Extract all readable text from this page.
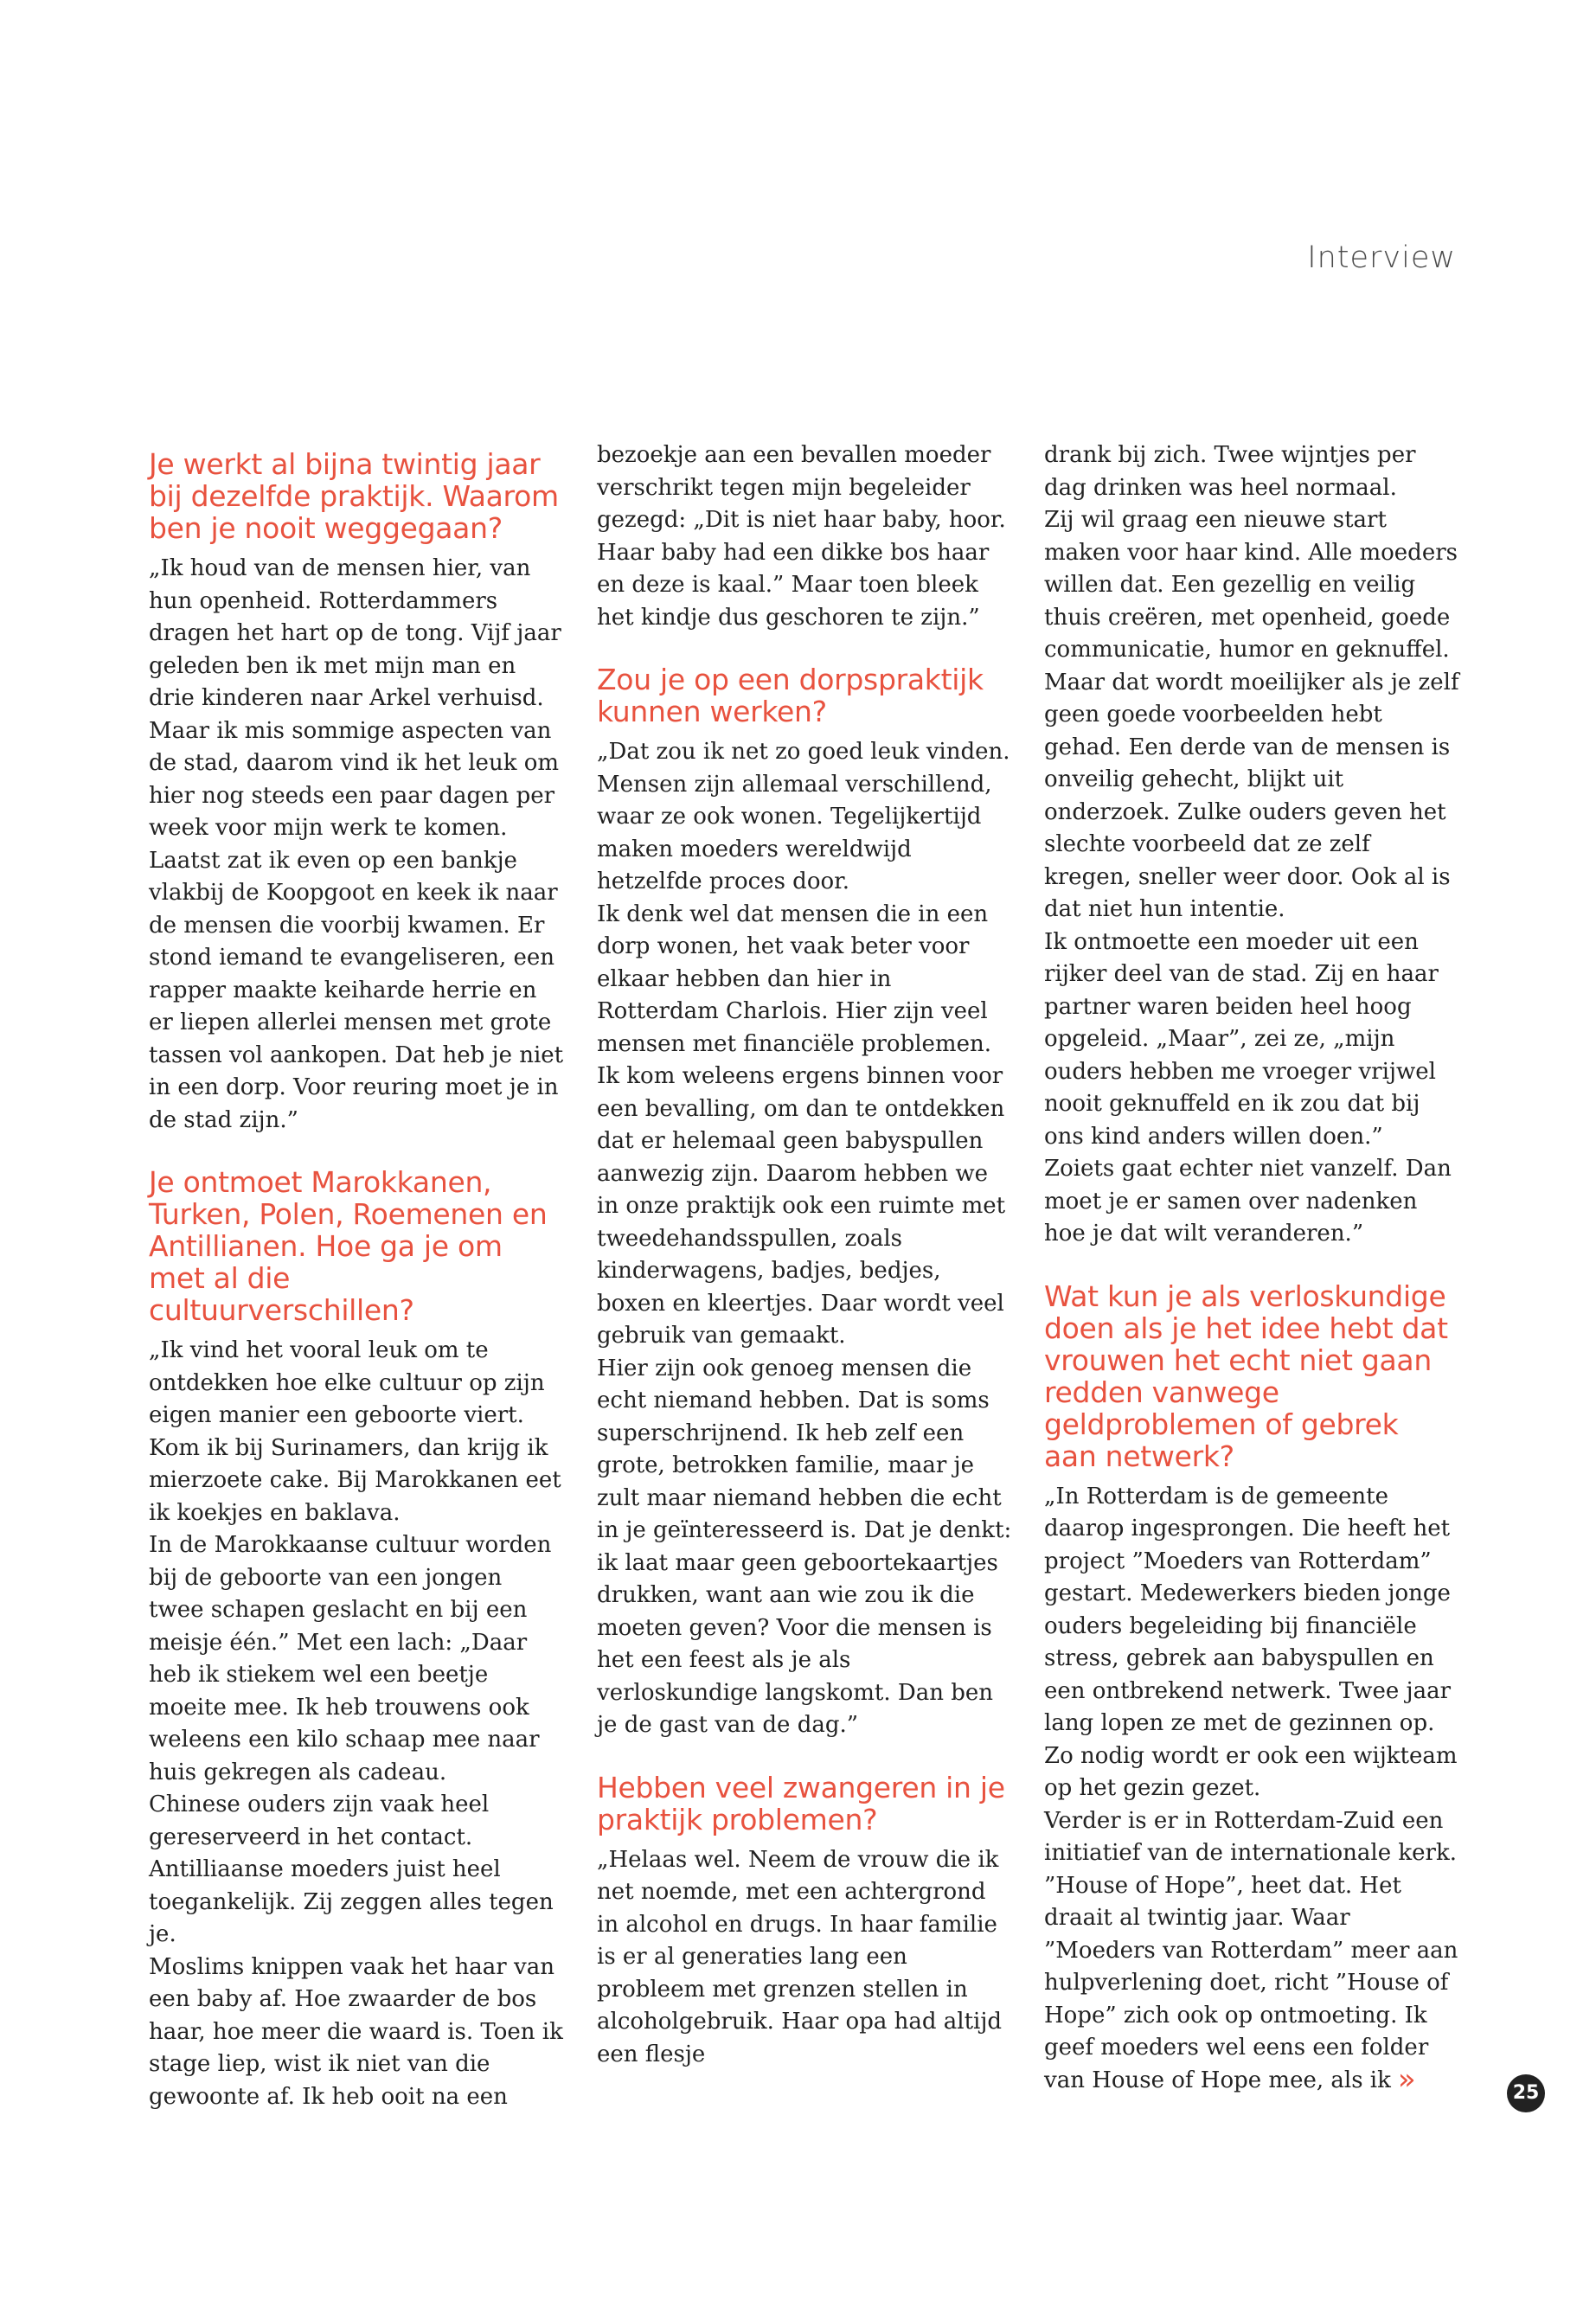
Interview
Je werkt al bijna twintig jaar bij dezelfde praktijk. Waarom ben je nooit weggegaan?

„Ik houd van de mensen hier, van hun openheid. Rotterdammers dragen het hart op de tong. Vijf jaar geleden ben ik met mijn man en drie kinderen naar Arkel verhuisd. Maar ik mis sommige aspecten van de stad, daarom vind ik het leuk om hier nog steeds een paar dagen per week voor mijn werk te komen. Laatst zat ik even op een bankje vlakbij de Koopgoot en keek ik naar de mensen die voorbij kwamen. Er stond iemand te evangeliseren, een rapper maakte keiharde herrie en er liepen allerlei mensen met grote tassen vol aankopen. Dat heb je niet in een dorp. Voor reuring moet je in de stad zijn.”

Je ontmoet Marokkanen, Turken, Polen, Roemenen en Antillianen. Hoe ga je om met al die cultuurverschillen?

„Ik vind het vooral leuk om te ontdekken hoe elke cultuur op zijn eigen manier een geboorte viert. Kom ik bij Surinamers, dan krijg ik mierzoete cake. Bij Marokkanen eet ik koekjes en baklava.
In de Marokkaanse cultuur worden bij de geboorte van een jongen twee schapen geslacht en bij een meisje één.” Met een lach: „Daar heb ik stiekem wel een beetje moeite mee. Ik heb trouwens ook weleens een kilo schaap mee naar huis gekregen als cadeau.
Chinese ouders zijn vaak heel gereserveerd in het contact. Antilliaanse moeders juist heel toegankelijk. Zij zeggen alles tegen je.
Moslims knippen vaak het haar van een baby af. Hoe zwaarder de bos haar, hoe meer die waard is. Toen ik stage liep, wist ik niet van die gewoonte af. Ik heb ooit na een

bezoekje aan een bevallen moeder verschrikt tegen mijn begeleider gezegd: „Dit is niet haar baby, hoor. Haar baby had een dikke bos haar en deze is kaal.” Maar toen bleek het kindje dus geschoren te zijn.”

Zou je op een dorpspraktijk kunnen werken?

„Dat zou ik net zo goed leuk vinden. Mensen zijn allemaal verschillend, waar ze ook wonen. Tegelijkertijd maken moeders wereldwijd hetzelfde proces door.
Ik denk wel dat mensen die in een dorp wonen, het vaak beter voor elkaar hebben dan hier in Rotterdam Charlois. Hier zijn veel mensen met financiële problemen. Ik kom weleens ergens binnen voor een bevalling, om dan te ontdekken dat er helemaal geen babyspullen aanwezig zijn. Daarom hebben we in onze praktijk ook een ruimte met tweedehandsspullen, zoals kinderwagens, badjes, bedjes, boxen en kleertjes. Daar wordt veel gebruik van gemaakt.
Hier zijn ook genoeg mensen die echt niemand hebben. Dat is soms superschrijnend. Ik heb zelf een grote, betrokken familie, maar je zult maar niemand hebben die echt in je geïnteresseerd is. Dat je denkt: ik laat maar geen geboortekaartjes drukken, want aan wie zou ik die moeten geven? Voor die mensen is het een feest als je als verloskundige langskomt. Dan ben je de gast van de dag.”

Hebben veel zwangeren in je praktijk problemen?

„Helaas wel. Neem de vrouw die ik net noemde, met een achtergrond in alcohol en drugs. In haar familie is er al generaties lang een probleem met grenzen stellen in alcoholgebruik. Haar opa had altijd een flesje

drank bij zich. Twee wijntjes per dag drinken was heel normaal.
Zij wil graag een nieuwe start maken voor haar kind. Alle moeders willen dat. Een gezellig en veilig thuis creëren, met openheid, goede communicatie, humor en geknuffel. Maar dat wordt moeilijker als je zelf geen goede voorbeelden hebt gehad. Een derde van de mensen is onveilig gehecht, blijkt uit onderzoek. Zulke ouders geven het slechte voorbeeld dat ze zelf kregen, sneller weer door. Ook al is dat niet hun intentie.
Ik ontmoette een moeder uit een rijker deel van de stad. Zij en haar partner waren beiden heel hoog opgeleid. „Maar”, zei ze, „mijn ouders hebben me vroeger vrijwel nooit geknuffeld en ik zou dat bij ons kind anders willen doen.” Zoiets gaat echter niet vanzelf. Dan moet je er samen over nadenken hoe je dat wilt veranderen.”

Wat kun je als verloskundige doen als je het idee hebt dat vrouwen het echt niet gaan redden vanwege geldproblemen of gebrek aan netwerk?

„In Rotterdam is de gemeente daarop ingesprongen. Die heeft het project ”Moeders van Rotterdam” gestart. Medewerkers bieden jonge ouders begeleiding bij financiële stress, gebrek aan babyspullen en een ontbrekend netwerk. Twee jaar lang lopen ze met de gezinnen op. Zo nodig wordt er ook een wijkteam op het gezin gezet.
Verder is er in Rotterdam-Zuid een initiatief van de internationale kerk. ”House of Hope”, heet dat. Het draait al twintig jaar. Waar ”Moeders van Rotterdam” meer aan hulpverlening doet, richt ”House of Hope” zich ook op ontmoeting. Ik geef moeders wel eens een folder van House of Hope mee, als ik »	25
